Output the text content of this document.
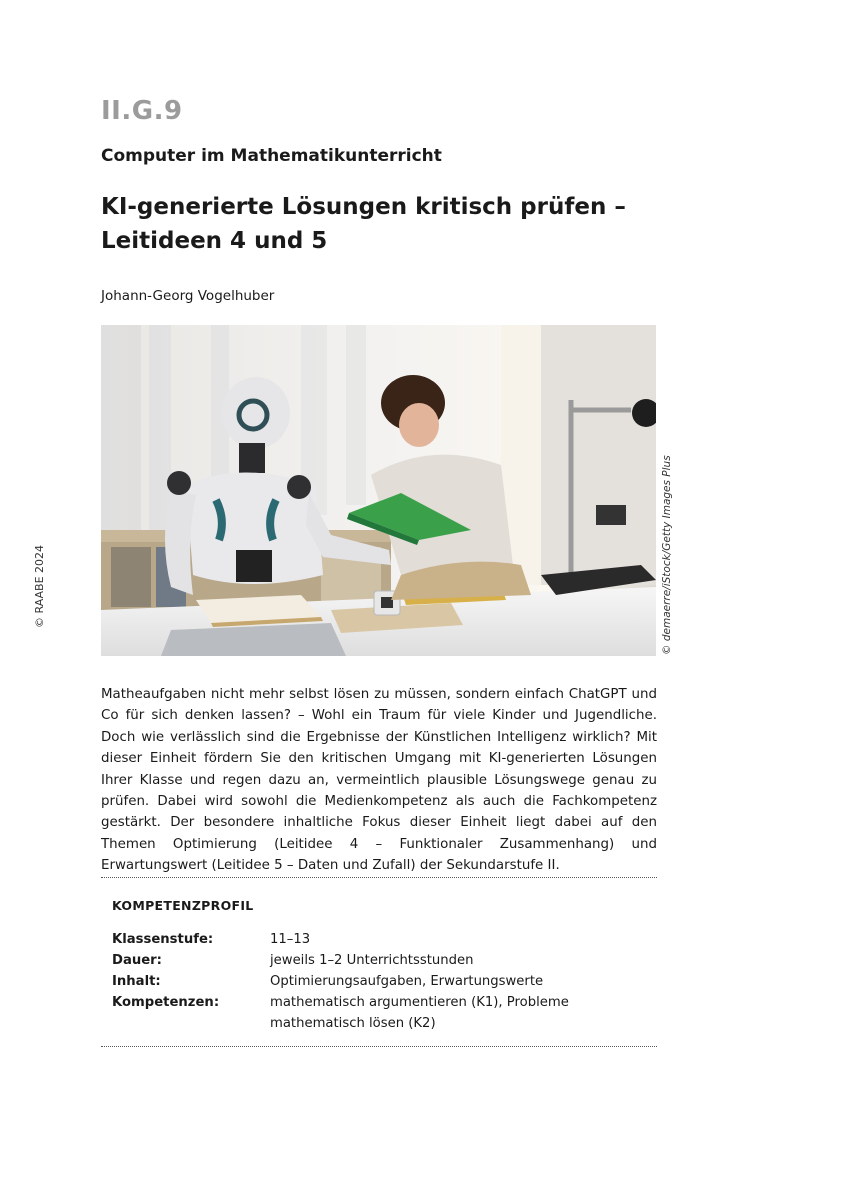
II.G.9
Computer im Mathematikunterricht
KI-generierte Lösungen kritisch prüfen –
Leitideen 4 und 5
Johann-Georg Vogelhuber
© RAABE 2024	© demaerre/iStock/Getty Images Plus
Matheaufgaben nicht mehr selbst lösen zu müssen, sondern einfach ChatGPT und Co für sich denken lassen? – Wohl ein Traum für viele Kinder und Jugendliche. Doch wie verlässlich sind die Ergebnisse der Künstlichen Intelligenz wirklich? Mit dieser Einheit fördern Sie den kritischen Umgang mit KI-generierten Lösungen Ihrer Klasse und regen dazu an, vermeintlich plausible Lösungswege genau zu prüfen. Dabei wird sowohl die Medienkompetenz als auch die Fachkompetenz gestärkt. Der besondere inhaltliche Fokus dieser Einheit liegt dabei auf den Themen Optimierung (Leitidee 4 – Funktionaler Zusammenhang) und Erwartungswert (Leitidee 5 – Daten und Zufall) der Sekundarstufe II.
KOMPETENZPROFIL
Klassenstufe:	11–13
Dauer:	jeweils 1–2 Unterrichtsstunden
Inhalt:	Optimierungsaufgaben, Erwartungswerte
Kompetenzen:	mathematisch argumentieren (K1), Probleme mathematisch lösen (K2)
